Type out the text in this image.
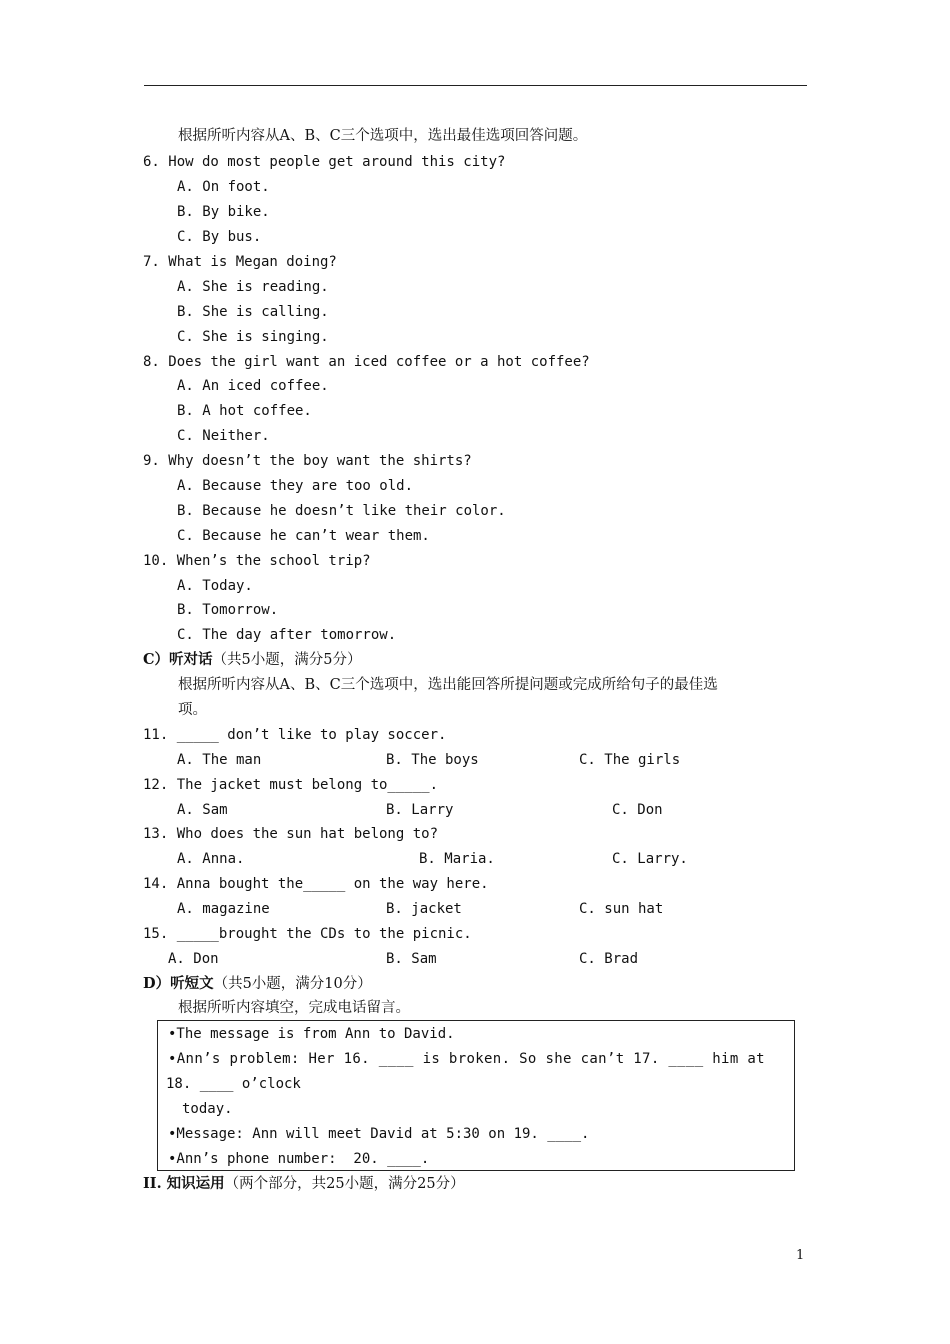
根据所听内容从A、B、C三个选项中，选出最佳选项回答问题。
6. How do most people get around this city?
A. On foot.
B. By bike.
C. By bus.
7. What is Megan doing?
A. She is reading.
B. She is calling.
C. She is singing.
8. Does the girl want an iced coffee or a hot coffee?
A. An iced coffee.
B. A hot coffee.
C. Neither.
9. Why doesn’t the boy want the shirts?
A. Because they are too old.
B. Because he doesn’t like their color.
C. Because he can’t wear them.
10. When’s the school trip?
A. Today.
B. Tomorrow.
C. The day after tomorrow.
C）听对话（共5小题，满分5分）
根据所听内容从A、B、C三个选项中，选出能回答所提问题或完成所给句子的最佳选
项。
11. _____ don’t like to play soccer.
A. The man	B. The boys	C. The girls
12. The jacket must belong to_____.
A. Sam	B. Larry	C. Don
13. Who does the sun hat belong to?
A. Anna.	B. Maria.	C. Larry.
14. Anna bought the_____ on the way here.
A. magazine	B. jacket	C. sun hat
15. _____brought the CDs to the picnic.
A. Don	B. Sam	C. Brad
D）听短文（共5小题，满分10分）
根据所听内容填空，完成电话留言。
•The message is from Ann to David.
•Ann’s problem: Her 16. ____ is broken. So she can’t 17. ____ him at
18. ____ o’clock
today.
•Message: Ann will meet David at 5:30 on 19. ____.
•Ann’s phone number:  20. ____.
II. 知识运用（两个部分，共25小题，满分25分）
1
